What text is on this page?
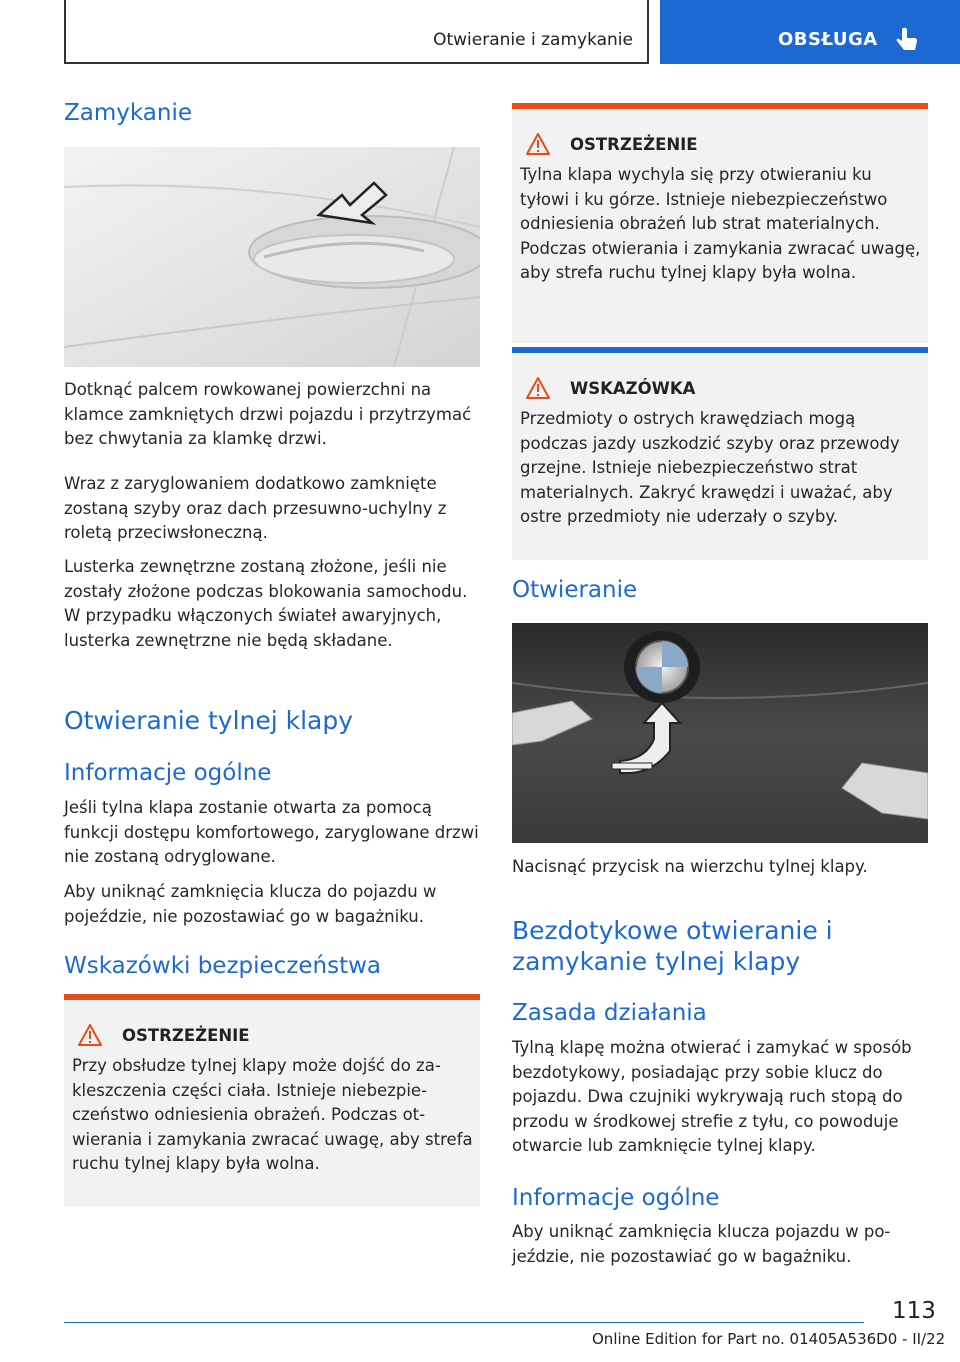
Otwieranie i zamykanie	OBSŁUGA
Zamykanie

Dotknąć palcem rowkowanej powierzchni na klamce zamkniętych drzwi pojazdu i przytrzymać bez chwytania za klamkę drzwi.

Wraz z zaryglowaniem dodatkowo zamknięte zostaną szyby oraz dach przesuwno-uchylny z roletą przeciwsłoneczną.

Lusterka zewnętrzne zostaną złożone, jeśli nie zostały złożone podczas blokowania samochodu. W przypadku włączonych świateł awaryjnych, lusterka zewnętrzne nie będą składane.

Otwieranie tylnej klapy
Informacje ogólne

Jeśli tylna klapa zostanie otwarta za pomocą funkcji dostępu komfortowego, zaryglowane drzwi nie zostaną odryglowane.

Aby uniknąć zamknięcia klucza do pojazdu w pojeździe, nie pozostawiać go w bagażniku.

Wskazówki bezpieczeństwa
OSTRZEŻENIE

Przy obsłudze tylnej klapy może dojść do zakleszczenia części ciała. Istnieje niebezpieczeństwo odniesienia obrażeń. Podczas otwierania i zamykania zwracać uwagę, aby strefa ruchu tylnej klapy była wolna.

OSTRZEŻENIE

Tylna klapa wychyla się przy otwieraniu ku tyłowi i ku górze. Istnieje niebezpieczeństwo odniesienia obrażeń lub strat materialnych. Podczas otwierania i zamykania zwracać uwagę, aby strefa ruchu tylnej klapy była wolna.

WSKAZÓWKA

Przedmioty o ostrych krawędziach mogą podczas jazdy uszkodzić szyby oraz przewody grzejne. Istnieje niebezpieczeństwo strat materialnych. Zakryć krawędzi i uważać, aby ostre przedmioty nie uderzały o szyby.

Otwieranie

Nacisnąć przycisk na wierzchu tylnej klapy.

Bezdotykowe otwieranie i zamykanie tylnej klapy
Zasada działania

Tylną klapę można otwierać i zamykać w sposób bezdotykowy, posiadając przy sobie klucz do pojazdu. Dwa czujniki wykrywają ruch stopą do przodu w środkowej strefie z tyłu, co powoduje otwarcie lub zamknięcie tylnej klapy.

Informacje ogólne

Aby uniknąć zamknięcia klucza pojazdu w pojeździe, nie pozostawiać go w bagażniku.

113
Online Edition for Part no. 01405A536D0 - II/22
